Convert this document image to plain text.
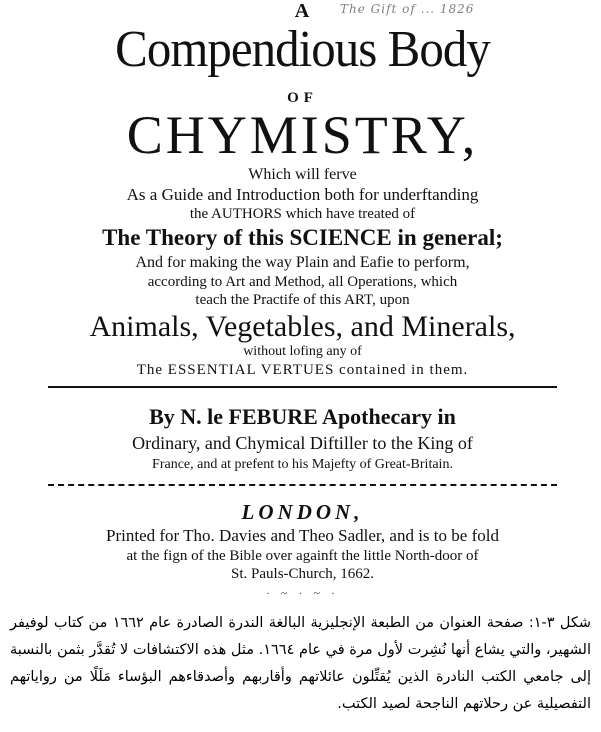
The Gift of ... 1826
A
Compendious Body
OF
CHYMISTRY,
Which will ferve
As a Guide and Introduction both for underftanding
the AUTHORS which have treated of
The Theory of this SCIENCE in general;
And for making the way Plain and Eafie to perform,
according to Art and Method, all Operations, which
teach the Practife of this ART, upon
Animals, Vegetables, and Minerals,
without lofing any of
The ESSENTIAL VERTUES contained in them.
By N. le FEBURE Apothecary in
Ordinary, and Chymical Diftiller to the King of
France, and at prefent to his Majefty of Great-Britain.
LONDON,
Printed for Tho. Davies and Theo Sadler, and is to be fold
at the fign of the Bible over againft the little North-door of
St. Pauls-Church, 1662.
· ~ · ~ ·
شكل ٣-١: صفحة العنوان من الطبعة الإنجليزية البالغة الندرة الصادرة عام ١٦٦٢ من كتاب لوفيفر الشهير، والتي يشاع أنها نُشِرت لأول مرة في عام ١٦٦٤. مثل هذه الاكتشافات لا تُقدَّر بثمن بالنسبة إلى جامعي الكتب النادرة الذين يُقتِّلون عائلاتهم وأقاربهم وأصدقاءهم البؤساء مَلَلًا من رواياتهم التفصيلية عن رحلاتهم الناجحة لصيد الكتب.
